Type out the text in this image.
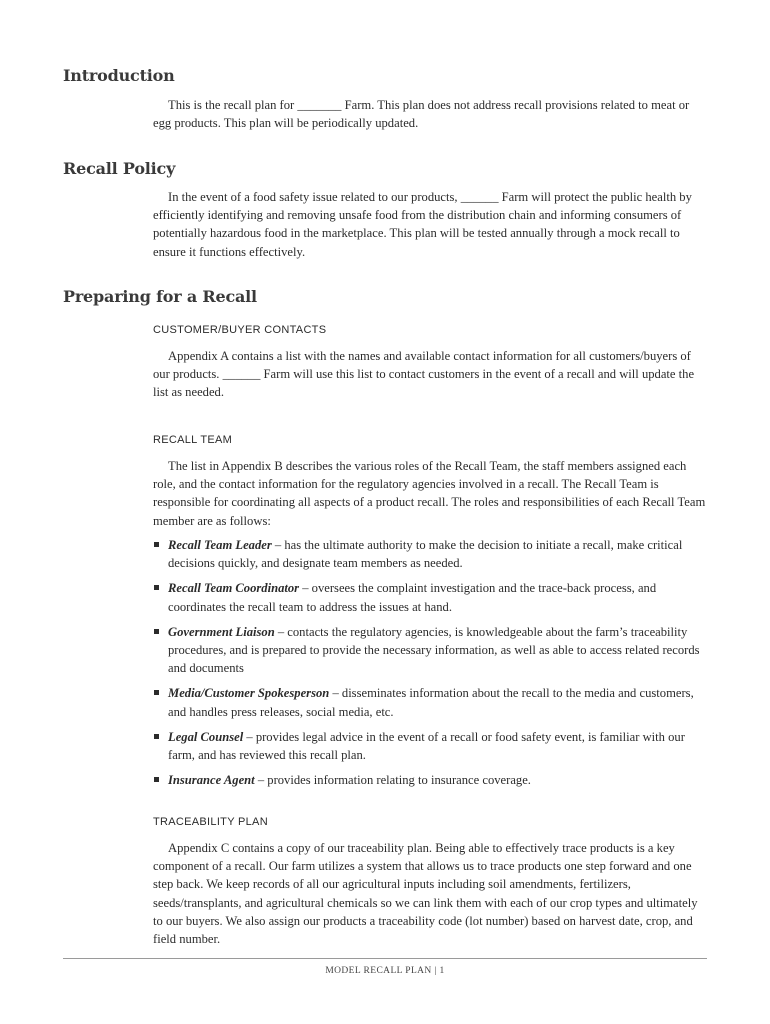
Introduction

This is the recall plan for _______ Farm. This plan does not address recall provisions related to meat or egg products. This plan will be periodically updated.

Recall Policy

In the event of a food safety issue related to our products, ______ Farm will protect the public health by efficiently identifying and removing unsafe food from the distribution chain and informing consumers of potentially hazardous food in the marketplace. This plan will be tested annually through a mock recall to ensure it functions effectively.

Preparing for a Recall
CUSTOMER/BUYER CONTACTS

Appendix A contains a list with the names and available contact information for all customers/buyers of our products. ______ Farm will use this list to contact customers in the event of a recall and will update the list as needed.

RECALL TEAM

The list in Appendix B describes the various roles of the Recall Team, the staff members assigned each role, and the contact information for the regulatory agencies involved in a recall. The Recall Team is responsible for coordinating all aspects of a product recall. The roles and responsibilities of each Recall Team member are as follows:

Recall Team Leader – has the ultimate authority to make the decision to initiate a recall, make critical decisions quickly, and designate team members as needed.
Recall Team Coordinator – oversees the complaint investigation and the trace-back process, and coordinates the recall team to address the issues at hand.
Government Liaison – contacts the regulatory agencies, is knowledgeable about the farm’s traceability procedures, and is prepared to provide the necessary information, as well as able to access related records and documents
Media/Customer Spokesperson – disseminates information about the recall to the media and customers, and handles press releases, social media, etc.
Legal Counsel – provides legal advice in the event of a recall or food safety event, is familiar with our farm, and has reviewed this recall plan.
Insurance Agent – provides information relating to insurance coverage.
TRACEABILITY PLAN

Appendix C contains a copy of our traceability plan. Being able to effectively trace products is a key component of a recall. Our farm utilizes a system that allows us to trace products one step forward and one step back. We keep records of all our agricultural inputs including soil amendments, fertilizers, seeds/transplants, and agricultural chemicals so we can link them with each of our crop types and ultimately to our buyers. We also assign our products a traceability code (lot number) based on harvest date, crop, and field number.

MODEL RECALL PLAN | 1
